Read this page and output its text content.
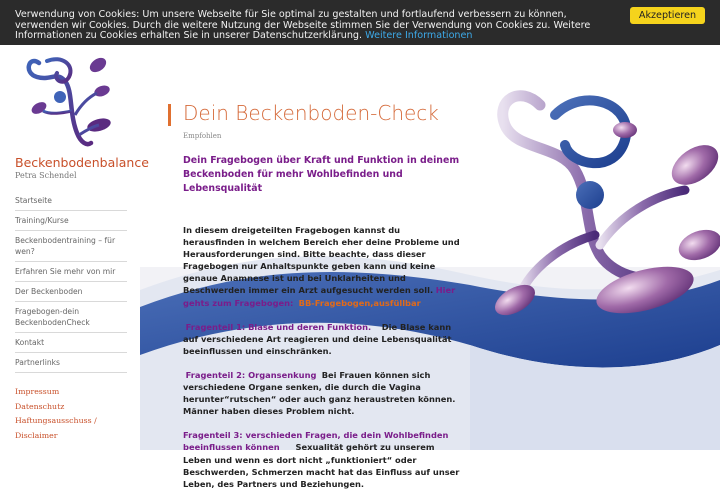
Verwendung von Cookies: Um unsere Webseite für Sie optimal zu gestalten und fortlaufend verbessern zu können, verwenden wir Cookies. Durch die weitere Nutzung der Webseite stimmen Sie der Verwendung von Cookies zu. Weitere Informationen zu Cookies erhalten Sie in unserer Datenschutzerklärung. Weitere Informationen
Akzeptieren
Beckenbodenbalance
Petra Schendel
Startseite
Training/Kurse
Beckenbodentraining – für wen?
Erfahren Sie mehr von mir
Der Beckenboden
Fragebogen-dein BeckenbodenCheck
Kontakt
Partnerlinks
Impressum
Datenschutz
Haftungsausschuss / Disclaimer
Dein Beckenboden-Check
Empfohlen

Dein Fragebogen über Kraft und Funktion in deinem Beckenboden für mehr Wohlbefinden und Lebensqualität

In diesem dreigeteilten Fragebogen kannst du herausfinden in welchem Bereich eher deine Probleme und Herausforderungen sind. Bitte beachte, dass dieser Fragebogen nur Anhaltspunkte geben kann und keine genaue Anamnese ist und bei Unklarheiten und Beschwerden immer ein Arzt aufgesucht werden soll. Hier gehts zum Fragebogen: BB-Fragebogen,ausfüllbar

Fragenteil 1: Blase und deren Funktion. Die Blase kann auf verschiedene Art reagieren und deine Lebensqualität beeinflussen und einschränken.

Fragenteil 2: Organsenkung Bei Frauen können sich verschiedene Organe senken, die durch die Vagina herunter“rutschen“ oder auch ganz heraustreten können. Männer haben dieses Problem nicht.

Fragenteil 3: verschieden Fragen, die dein Wohlbefinden beeinflussen können Sexualität gehört zu unserem Leben und wenn es dort nicht „funktioniert“ oder Beschwerden, Schmerzen macht hat das Einfluss auf unser Leben, des Partners und Beziehungen.
